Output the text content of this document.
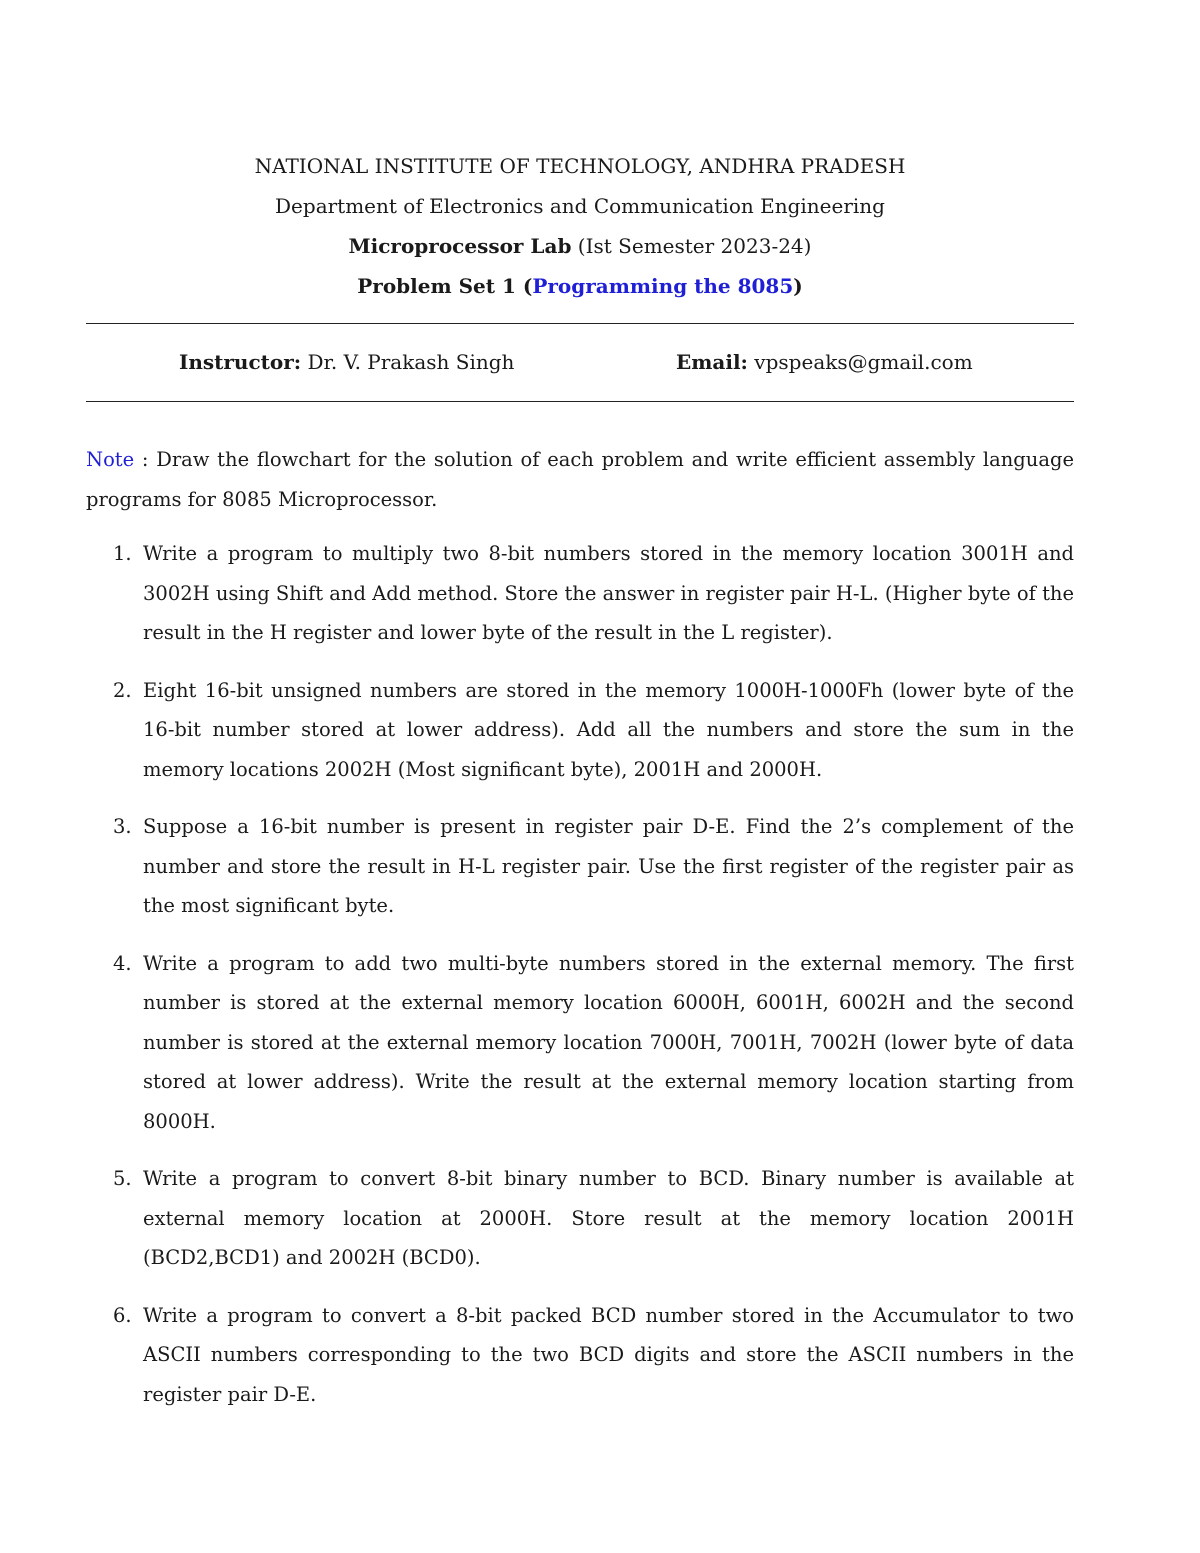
NATIONAL INSTITUTE OF TECHNOLOGY, ANDHRA PRADESH
Department of Electronics and Communication Engineering
Microprocessor Lab (Ist Semester 2023-24)
Problem Set 1 (Programming the 8085)
Instructor: Dr. V. Prakash Singh	Email: vpspeaks@gmail.com
Note : Draw the flowchart for the solution of each problem and write efficient assembly language programs for 8085 Microprocessor.
1. Write a program to multiply two 8-bit numbers stored in the memory location 3001H and 3002H using Shift and Add method. Store the answer in register pair H-L. (Higher byte of the result in the H register and lower byte of the result in the L register).
2. Eight 16-bit unsigned numbers are stored in the memory 1000H-1000Fh (lower byte of the 16-bit number stored at lower address). Add all the numbers and store the sum in the memory locations 2002H (Most significant byte), 2001H and 2000H.
3. Suppose a 16-bit number is present in register pair D-E. Find the 2’s complement of the number and store the result in H-L register pair. Use the first register of the register pair as the most significant byte.
4. Write a program to add two multi-byte numbers stored in the external memory. The first number is stored at the external memory location 6000H, 6001H, 6002H and the second number is stored at the external memory location 7000H, 7001H, 7002H (lower byte of data stored at lower address). Write the result at the external memory location starting from 8000H.
5. Write a program to convert 8-bit binary number to BCD. Binary number is available at external memory location at 2000H. Store result at the memory location 2001H (BCD2,BCD1) and 2002H (BCD0).
6. Write a program to convert a 8-bit packed BCD number stored in the Accumulator to two ASCII numbers corresponding to the two BCD digits and store the ASCII numbers in the register pair D-E.
